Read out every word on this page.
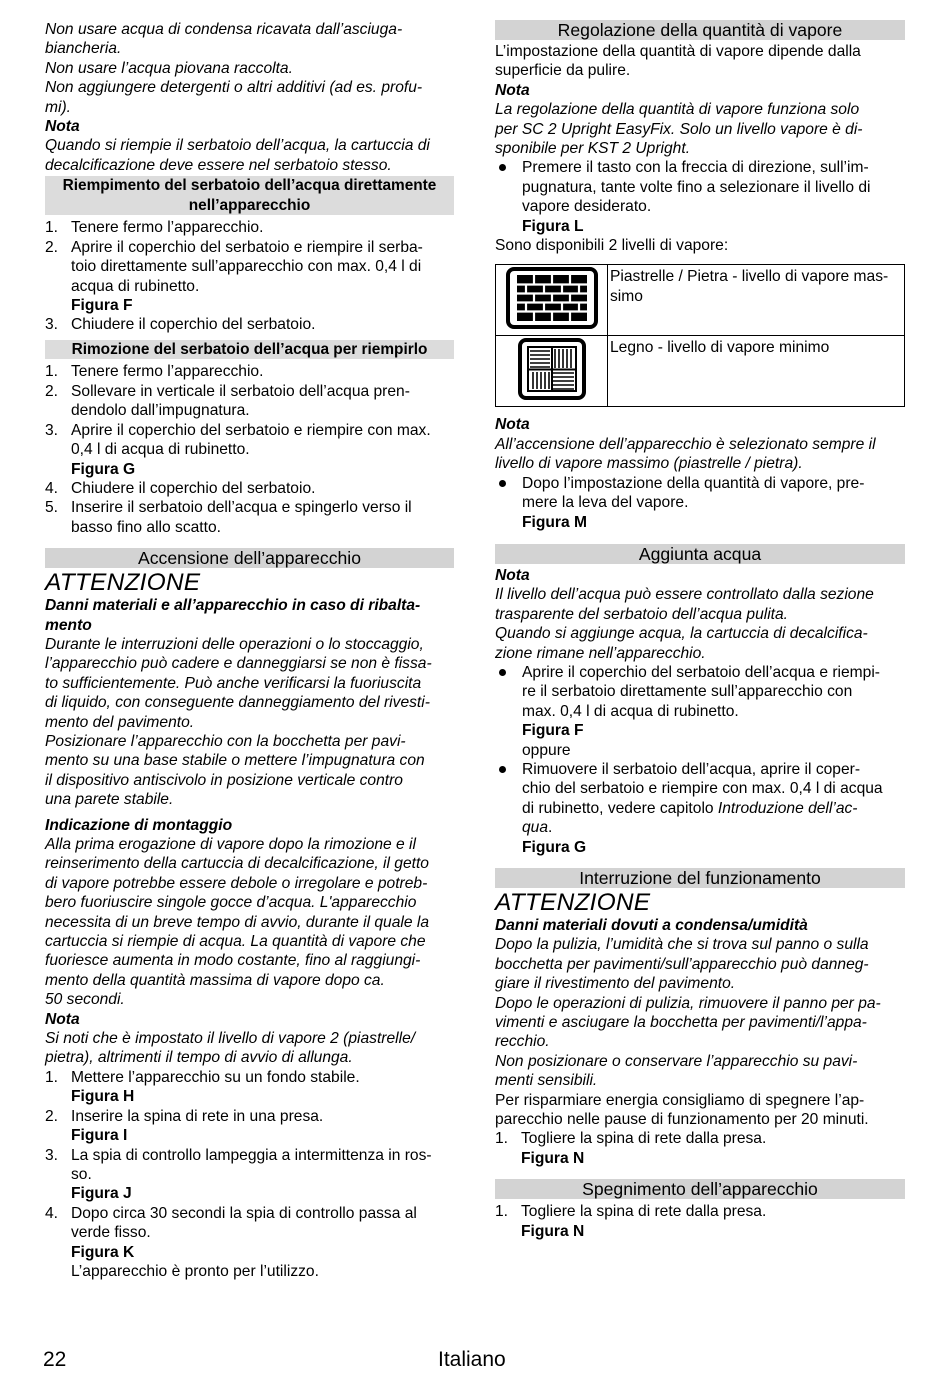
Non usare acqua di condensa ricavata dall’asciuga-
biancheria.
Non usare l’acqua piovana raccolta.
Non aggiungere detergenti o altri additivi (ad es. profu-
mi).
Nota
Quando si riempie il serbatoio dell’acqua, la cartuccia di
decalcificazione deve essere nel serbatoio stesso.
Riempimento del serbatoio dell’acqua direttamente
nell’apparecchio
1. Tenere fermo l’apparecchio.
2. Aprire il coperchio del serbatoio e riempire il serba-
toio direttamente sull’apparecchio con max. 0,4 l di
acqua di rubinetto.
Figura F
3. Chiudere il coperchio del serbatoio.
Rimozione del serbatoio dell’acqua per riempirlo
1. Tenere fermo l’apparecchio.
2. Sollevare in verticale il serbatoio dell’acqua pren-
dendolo dall’impugnatura.
3. Aprire il coperchio del serbatoio e riempire con max.
0,4 l di acqua di rubinetto.
Figura G
4. Chiudere il coperchio del serbatoio.
5. Inserire il serbatoio dell’acqua e spingerlo verso il
basso fino allo scatto.
Accensione dell’apparecchio
ATTENZIONE
Danni materiali e all’apparecchio in caso di ribalta-
mento
Durante le interruzioni delle operazioni o lo stoccaggio,
l’apparecchio può cadere e danneggiarsi se non è fissa-
to sufficientemente. Può anche verificarsi la fuoriuscita
di liquido, con conseguente danneggiamento del rivesti-
mento del pavimento.
Posizionare l’apparecchio con la bocchetta per pavi-
mento su una base stabile o mettere l’impugnatura con
il dispositivo antiscivolo in posizione verticale contro
una parete stabile.
Indicazione di montaggio
Alla prima erogazione di vapore dopo la rimozione e il
reinserimento della cartuccia di decalcificazione, il getto
di vapore potrebbe essere debole o irregolare e potreb-
bero fuoriuscire singole gocce d’acqua. L'apparecchio
necessita di un breve tempo di avvio, durante il quale la
cartuccia si riempie di acqua. La quantità di vapore che
fuoriesce aumenta in modo costante, fino al raggiungi-
mento della quantità massima di vapore dopo ca.
50 secondi.
Nota
Si noti che è impostato il livello di vapore 2 (piastrelle/
pietra), altrimenti il tempo di avvio di allunga.
1. Mettere l’apparecchio su un fondo stabile.
Figura H
2. Inserire la spina di rete in una presa.
Figura I
3. La spia di controllo lampeggia a intermittenza in ros-
so.
Figura J
4. Dopo circa 30 secondi la spia di controllo passa al
verde fisso.
Figura K
L’apparecchio è pronto per l’utilizzo.
Regolazione della quantità di vapore
L’impostazione della quantità di vapore dipende dalla
superficie da pulire.
Nota
La regolazione della quantità di vapore funziona solo
per SC 2 Upright EasyFix. Solo un livello vapore è di-
sponibile per KST 2 Upright.
Premere il tasto con la freccia di direzione, sull’im-
pugnatura, tante volte fino a selezionare il livello di
vapore desiderato.
Figura L
Sono disponibili 2 livelli di vapore:

Piastrelle / Pietra - livello di vapore mas-
simo

Legno - livello di vapore minimo
Nota
All’accensione dell’apparecchio è selezionato sempre il
livello di vapore massimo (piastrelle / pietra).
Dopo l’impostazione della quantità di vapore, pre-
mere la leva del vapore.
Figura M
Aggiunta acqua
Nota
Il livello dell’acqua può essere controllato dalla sezione
trasparente del serbatoio dell’acqua pulita.
Quando si aggiunge acqua, la cartuccia di decalcifica-
zione rimane nell’apparecchio.
Aprire il coperchio del serbatoio dell’acqua e riempi-
re il serbatoio direttamente sull’apparecchio con
max. 0,4 l di acqua di rubinetto.
Figura F
oppure
Rimuovere il serbatoio dell’acqua, aprire il coper-
chio del serbatoio e riempire con max. 0,4 l di acqua
di rubinetto, vedere capitolo Introduzione dell’ac-
qua.
Figura G
Interruzione del funzionamento
ATTENZIONE
Danni materiali dovuti a condensa/umidità
Dopo la pulizia, l’umidità che si trova sul panno o sulla
bocchetta per pavimenti/sull’apparecchio può danneg-
giare il rivestimento del pavimento.
Dopo le operazioni di pulizia, rimuovere il panno per pa-
vimenti e asciugare la bocchetta per pavimenti/l’appa-
recchio.
Non posizionare o conservare l’apparecchio su pavi-
menti sensibili.
Per risparmiare energia consigliamo di spegnere l’ap-
parecchio nelle pause di funzionamento per 20 minuti.
1. Togliere la spina di rete dalla presa.
Figura N
Spegnimento dell’apparecchio
1. Togliere la spina di rete dalla presa.
Figura N
22	Italiano
